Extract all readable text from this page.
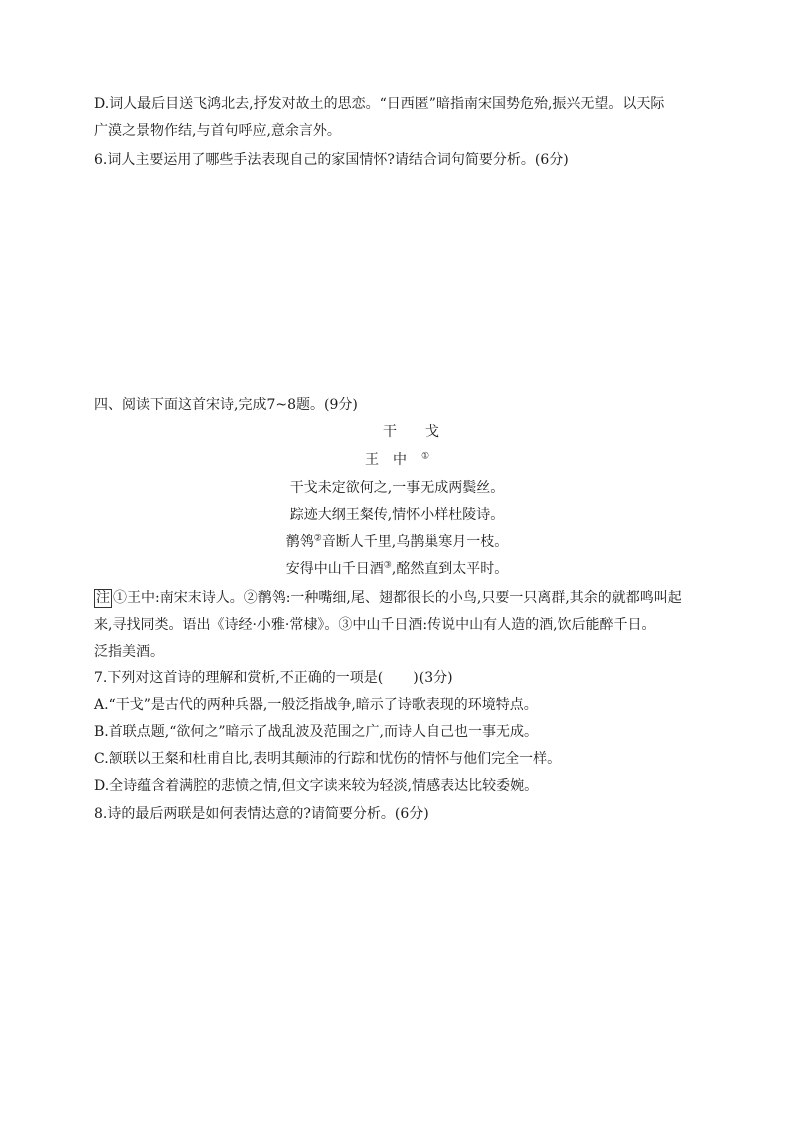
D.词人最后目送飞鸿北去,抒发对故土的思恋。“日西匿”暗指南宋国势危殆,振兴无望。以天际
广漠之景物作结,与首句呼应,意余言外。
6.词人主要运用了哪些手法表现自己的家国情怀?请结合词句简要分析。(6分)
四、阅读下面这首宋诗,完成7~8题。(9分)
干戈
王中①
干戈未定欲何之,一事无成两鬓丝。
踪迹大纲王粲传,情怀小样杜陵诗。
鹡鸰②音断人千里,乌鹊巢寒月一枝。
安得中山千日酒③,酩然直到太平时。
注 ①王中:南宋末诗人。②鹡鸰:一种嘴细,尾、翅都很长的小鸟,只要一只离群,其余的就都鸣叫起
来,寻找同类。语出《诗经·小雅·常棣》。③中山千日酒:传说中山有人造的酒,饮后能醉千日。
泛指美酒。
7.下列对这首诗的理解和赏析,不正确的一项是( )(3分)
A.“干戈”是古代的两种兵器,一般泛指战争,暗示了诗歌表现的环境特点。
B.首联点题,“欲何之”暗示了战乱波及范围之广,而诗人自己也一事无成。
C.颔联以王粲和杜甫自比,表明其颠沛的行踪和忧伤的情怀与他们完全一样。
D.全诗蕴含着满腔的悲愤之情,但文字读来较为轻淡,情感表达比较委婉。
8.诗的最后两联是如何表情达意的?请简要分析。(6分)
